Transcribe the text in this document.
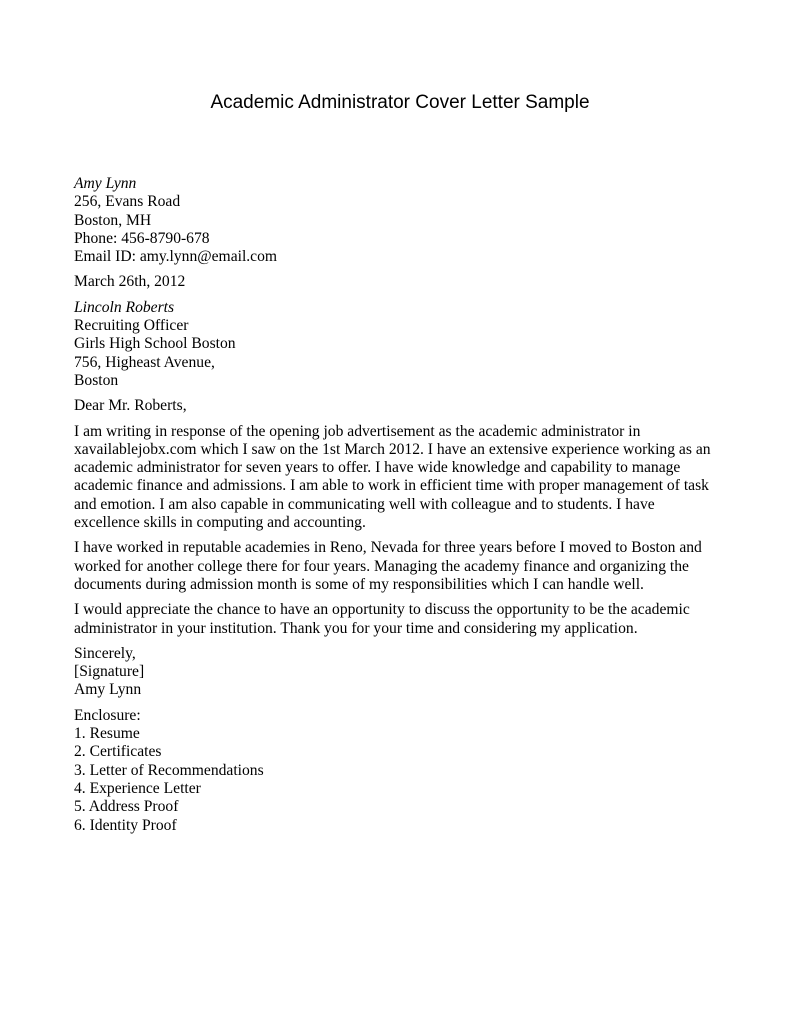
Academic Administrator Cover Letter Sample
Amy Lynn
256, Evans Road
Boston, MH
Phone: 456-8790-678
Email ID: amy.lynn@email.com
March 26th, 2012
Lincoln Roberts
Recruiting Officer
Girls High School Boston
756, Higheast Avenue,
Boston
Dear Mr. Roberts,
I am writing in response of the opening job advertisement as the academic administrator in
xavailablejobx.com which I saw on the 1st March 2012. I have an extensive experience working as an
academic administrator for seven years to offer. I have wide knowledge and capability to manage
academic finance and admissions. I am able to work in efficient time with proper management of task
and emotion. I am also capable in communicating well with colleague and to students. I have
excellence skills in computing and accounting.
I have worked in reputable academies in Reno, Nevada for three years before I moved to Boston and
worked for another college there for four years. Managing the academy finance and organizing the
documents during admission month is some of my responsibilities which I can handle well.
I would appreciate the chance to have an opportunity to discuss the opportunity to be the academic
administrator in your institution. Thank you for your time and considering my application.
Sincerely,
[Signature]
Amy Lynn
Enclosure:
1. Resume
2. Certificates
3. Letter of Recommendations
4. Experience Letter
5. Address Proof
6. Identity Proof
